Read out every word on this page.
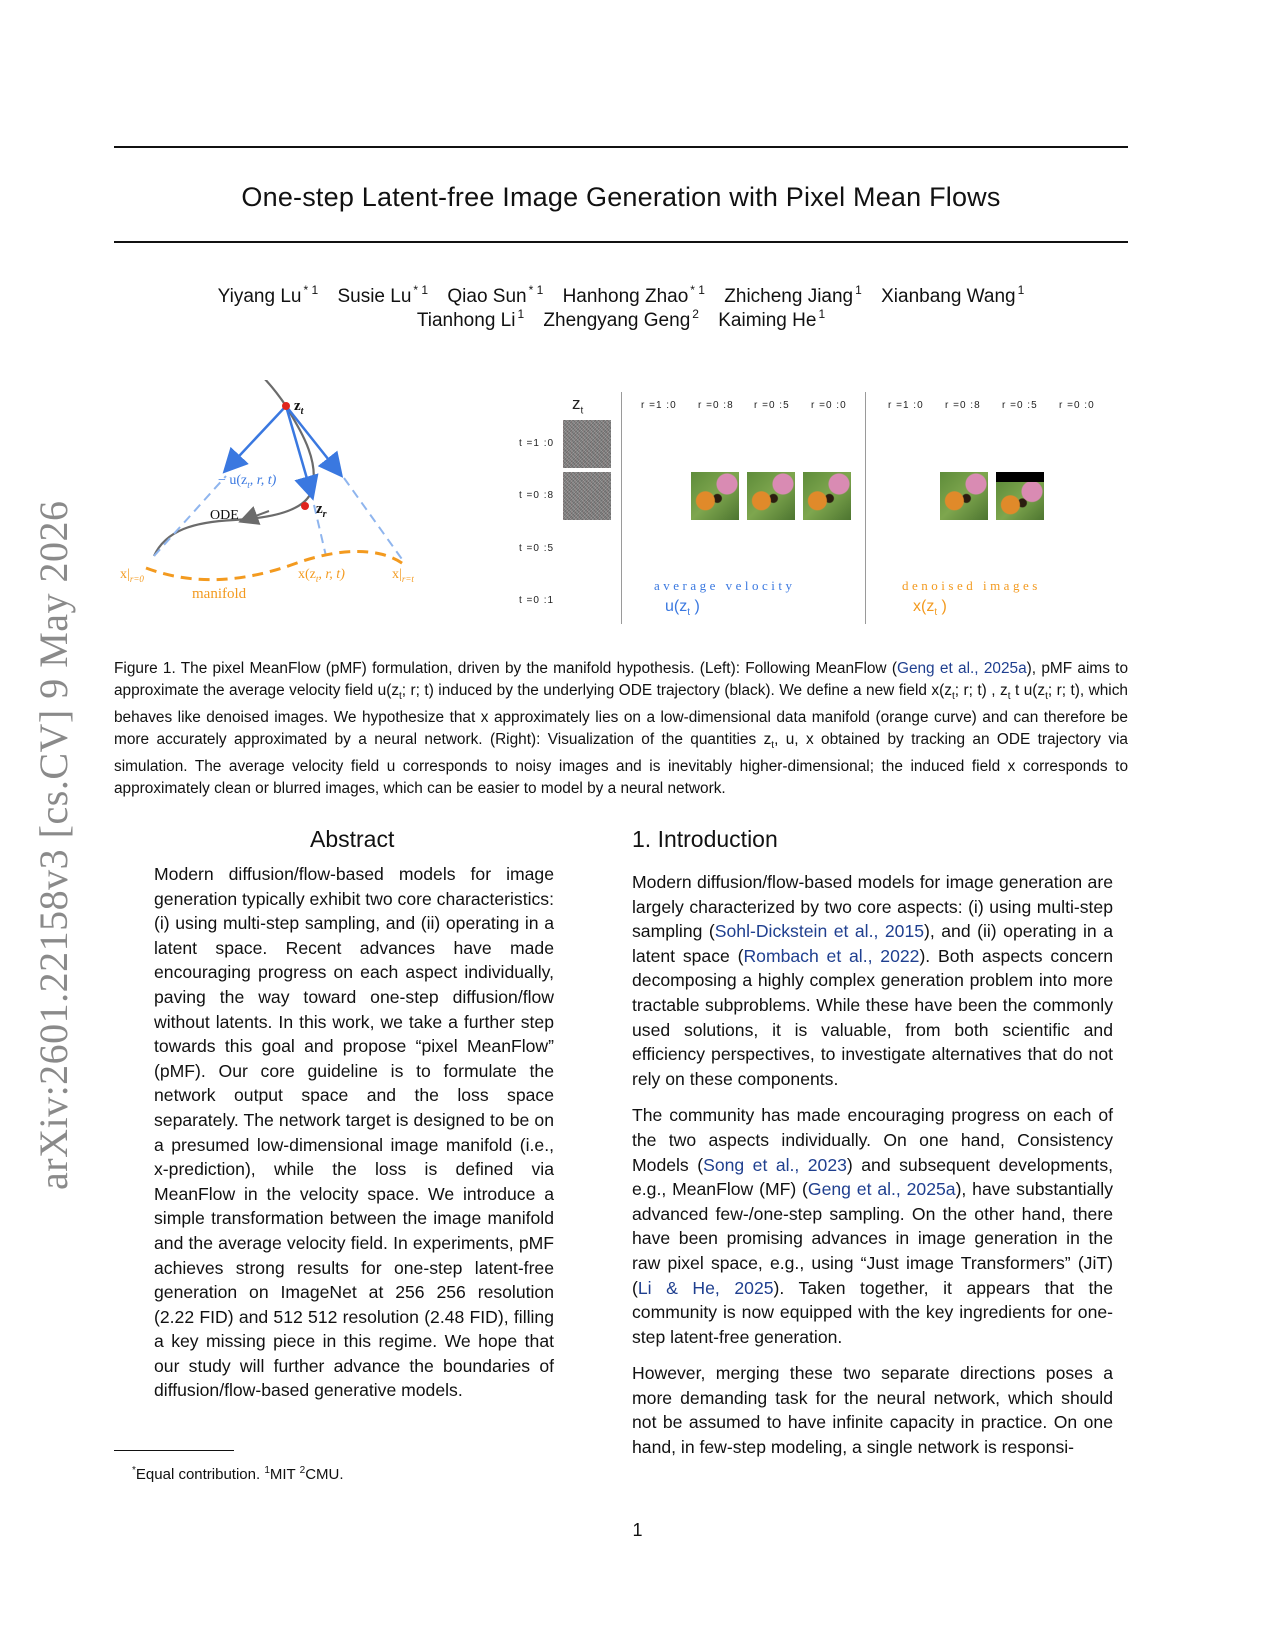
One-step Latent-free Image Generation with Pixel Mean Flows
Yiyang Lu $^{* 1}$ Susie Lu $^{* 1}$ Qiao Sun $^{* 1}$ Hanhong Zhao $^{* 1}$ Zhicheng Jiang $^1$ Xianbang Wang $^1$
Tianhong Li $^1$ Zhengyang Geng $^2$ Kaiming He $^1$
arXiv:2601.22158v3 [cs.CV] 9 May 2026
$z_t$
$z_r$
− $u(z_t$, r, t)
ODE
$x|_{r=0}$	$x(z_t$, r, t)	$x|_{r=t}$
manifold
$z_t$
t =1 :0
t =0 :8
t =0 :5
t =0 :1
r =1 :0 r =0 :8 r =0 :5 r =0 :0	r =1 :0 r =0 :8 r =0 :5 r =0 :0
average velocity
$u(z_t$ )
denoised images
$x(z_t$ )
Figure 1. The pixel MeanFlow (pMF) formulation, driven by the manifold hypothesis. (Left): Following MeanFlow (Geng et al., 2025a), pMF aims to approximate the average velocity field $u(z_t$; r; t) induced by the underlying ODE trajectory (black). We define a new field $x(z_t$; r; t) , $z_t$ t $u(z_t$; r; t), which behaves like denoised images. We hypothesize that x approximately lies on a low-dimensional data manifold (orange curve) and can therefore be more accurately approximated by a neural network. (Right): Visualization of the quantities $z_t$, u, x obtained by tracking an ODE trajectory via simulation. The average velocity field u corresponds to noisy images and is inevitably higher-dimensional; the induced field x corresponds to approximately clean or blurred images, which can be easier to model by a neural network.
Abstract

Modern diffusion/flow-based models for image generation typically exhibit two core characteristics: (i) using multi-step sampling, and (ii) operating in a latent space. Recent advances have made encouraging progress on each aspect individually, paving the way toward one-step diffusion/flow without latents. In this work, we take a further step towards this goal and propose “pixel MeanFlow” (pMF). Our core guideline is to formulate the network output space and the loss space separately. The network target is designed to be on a presumed low-dimensional image manifold (i.e., x-prediction), while the loss is defined via MeanFlow in the velocity space. We introduce a simple transformation between the image manifold and the average velocity field. In experiments, pMF achieves strong results for one-step latent-free generation on ImageNet at 256 256 resolution (2.22 FID) and 512 512 resolution (2.48 FID), filling a key missing piece in this regime. We hope that our study will further advance the boundaries of diffusion/flow-based generative models.

1. Introduction

Modern diffusion/flow-based models for image generation are largely characterized by two core aspects: (i) using multi-step sampling (Sohl-Dickstein et al., 2015), and (ii) operating in a latent space (Rombach et al., 2022). Both aspects concern decomposing a highly complex generation problem into more tractable subproblems. While these have been the commonly used solutions, it is valuable, from both scientific and efficiency perspectives, to investigate alternatives that do not rely on these components.

The community has made encouraging progress on each of the two aspects individually. On one hand, Consistency Models (Song et al., 2023) and subsequent developments, e.g., MeanFlow (MF) (Geng et al., 2025a), have substantially advanced few-/one-step sampling. On the other hand, there have been promising advances in image generation in the raw pixel space, e.g., using “Just image Transformers” (JiT) (Li & He, 2025). Taken together, it appears that the community is now equipped with the key ingredients for one-step latent-free generation.

However, merging these two separate directions poses a more demanding task for the neural network, which should not be assumed to have infinite capacity in practice. On one hand, in few-step modeling, a single network is responsi-

*Equal contribution. $^1$MIT $^2$CMU.
1
